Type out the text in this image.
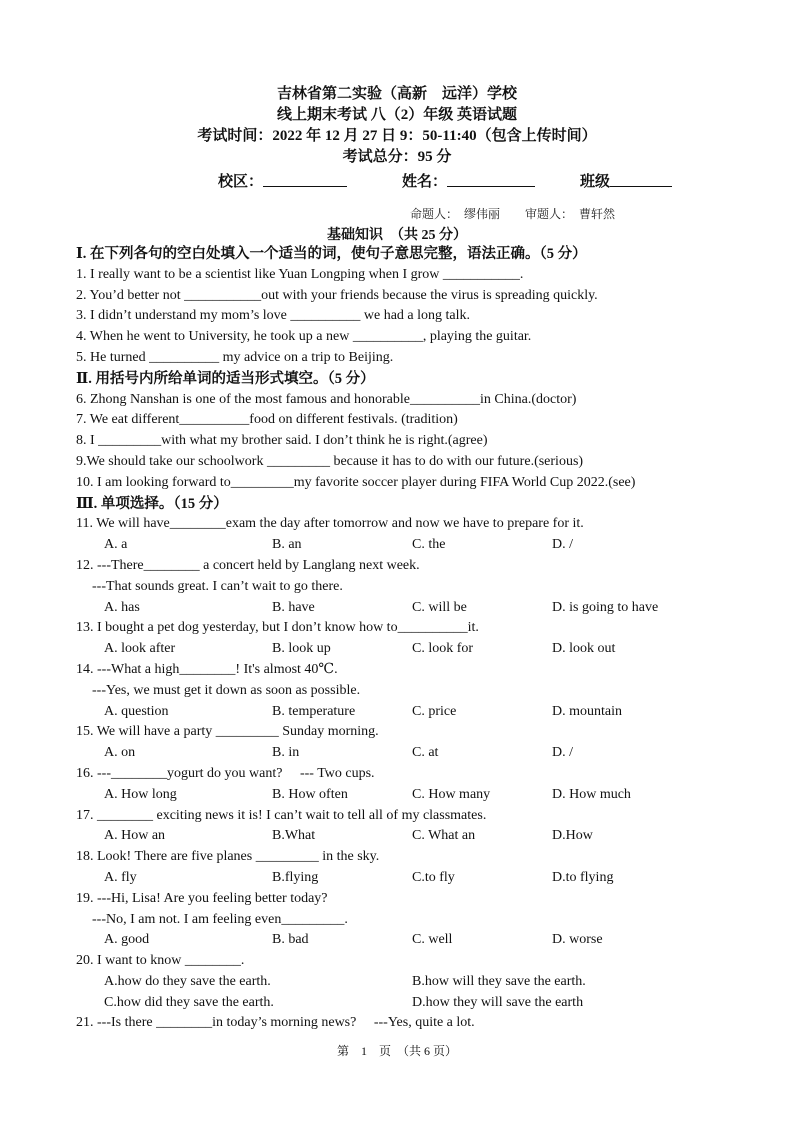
吉林省第二实验（高新　远洋）学校
线上期末考试 八（2）年级 英语试题
考试时间：2022 年 12 月 27 日 9：50-11:40（包含上传时间）
考试总分：95 分
校区：	姓名：	班级
命题人：　缪伟丽 审题人：　曹轩然
基础知识　（共 25 分）
Ⅰ. 在下列各句的空白处填入一个适当的词，使句子意思完整，语法正确。（5 分）
1. I really want to be a scientist like Yuan Longping when I grow ___________.
2. You’d better not ___________out with your friends because the virus is spreading quickly.
3. I didn’t understand my mom’s love __________ we had a long talk.
4. When he went to University, he took up a new __________, playing the guitar.
5. He turned __________ my advice on a trip to Beijing.
Ⅱ. 用括号内所给单词的适当形式填空。（5 分）
6. Zhong Nanshan is one of the most famous and honorable__________in China.(doctor)
7. We eat different__________food on different festivals. (tradition)
8. I _________with what my brother said. I don’t think he is right.(agree)
9.We should take our schoolwork _________ because it has to do with our future.(serious)
10. I am looking forward to_________my favorite soccer player during FIFA World Cup 2022.(see)
Ⅲ. 单项选择。（15 分）
11. We will have________exam the day after tomorrow and now we have to prepare for it.
A. a	B. an	C. the	D. /
12. ---There________ a concert held by Langlang next week.
---That sounds great. I can’t wait to go there.
A. has	B. have	C. will be	D. is going to have
13. I bought a pet dog yesterday, but I don’t know how to__________it.
A. look after	B. look up	C. look for	D. look out
14. ---What a high________! It's almost 40℃.
---Yes, we must get it down as soon as possible.
A. question	B. temperature	C. price	D. mountain
15. We will have a party _________ Sunday morning.
A. on	B. in	C. at	D. /
16. ---________yogurt do you want?　 --- Two cups.
A. How long	B. How often	C. How many	D. How much
17. ________ exciting news it is! I can’t wait to tell all of my classmates.
A. How an	B.What	C. What an	D.How
18. Look! There are five planes _________ in the sky.
A. fly	B.flying	C.to fly	D.to flying
19. ---Hi, Lisa! Are you feeling better today?
---No, I am not. I am feeling even_________.
A. good	B. bad	C. well	D. worse
20. I want to know ________.
A.how do they save the earth.	B.how will they save the earth.
C.how did they save the earth.	D.how they will save the earth
21. ---Is there ________in today’s morning news?　 ---Yes, quite a lot.
第　1　页　（共 6 页）
